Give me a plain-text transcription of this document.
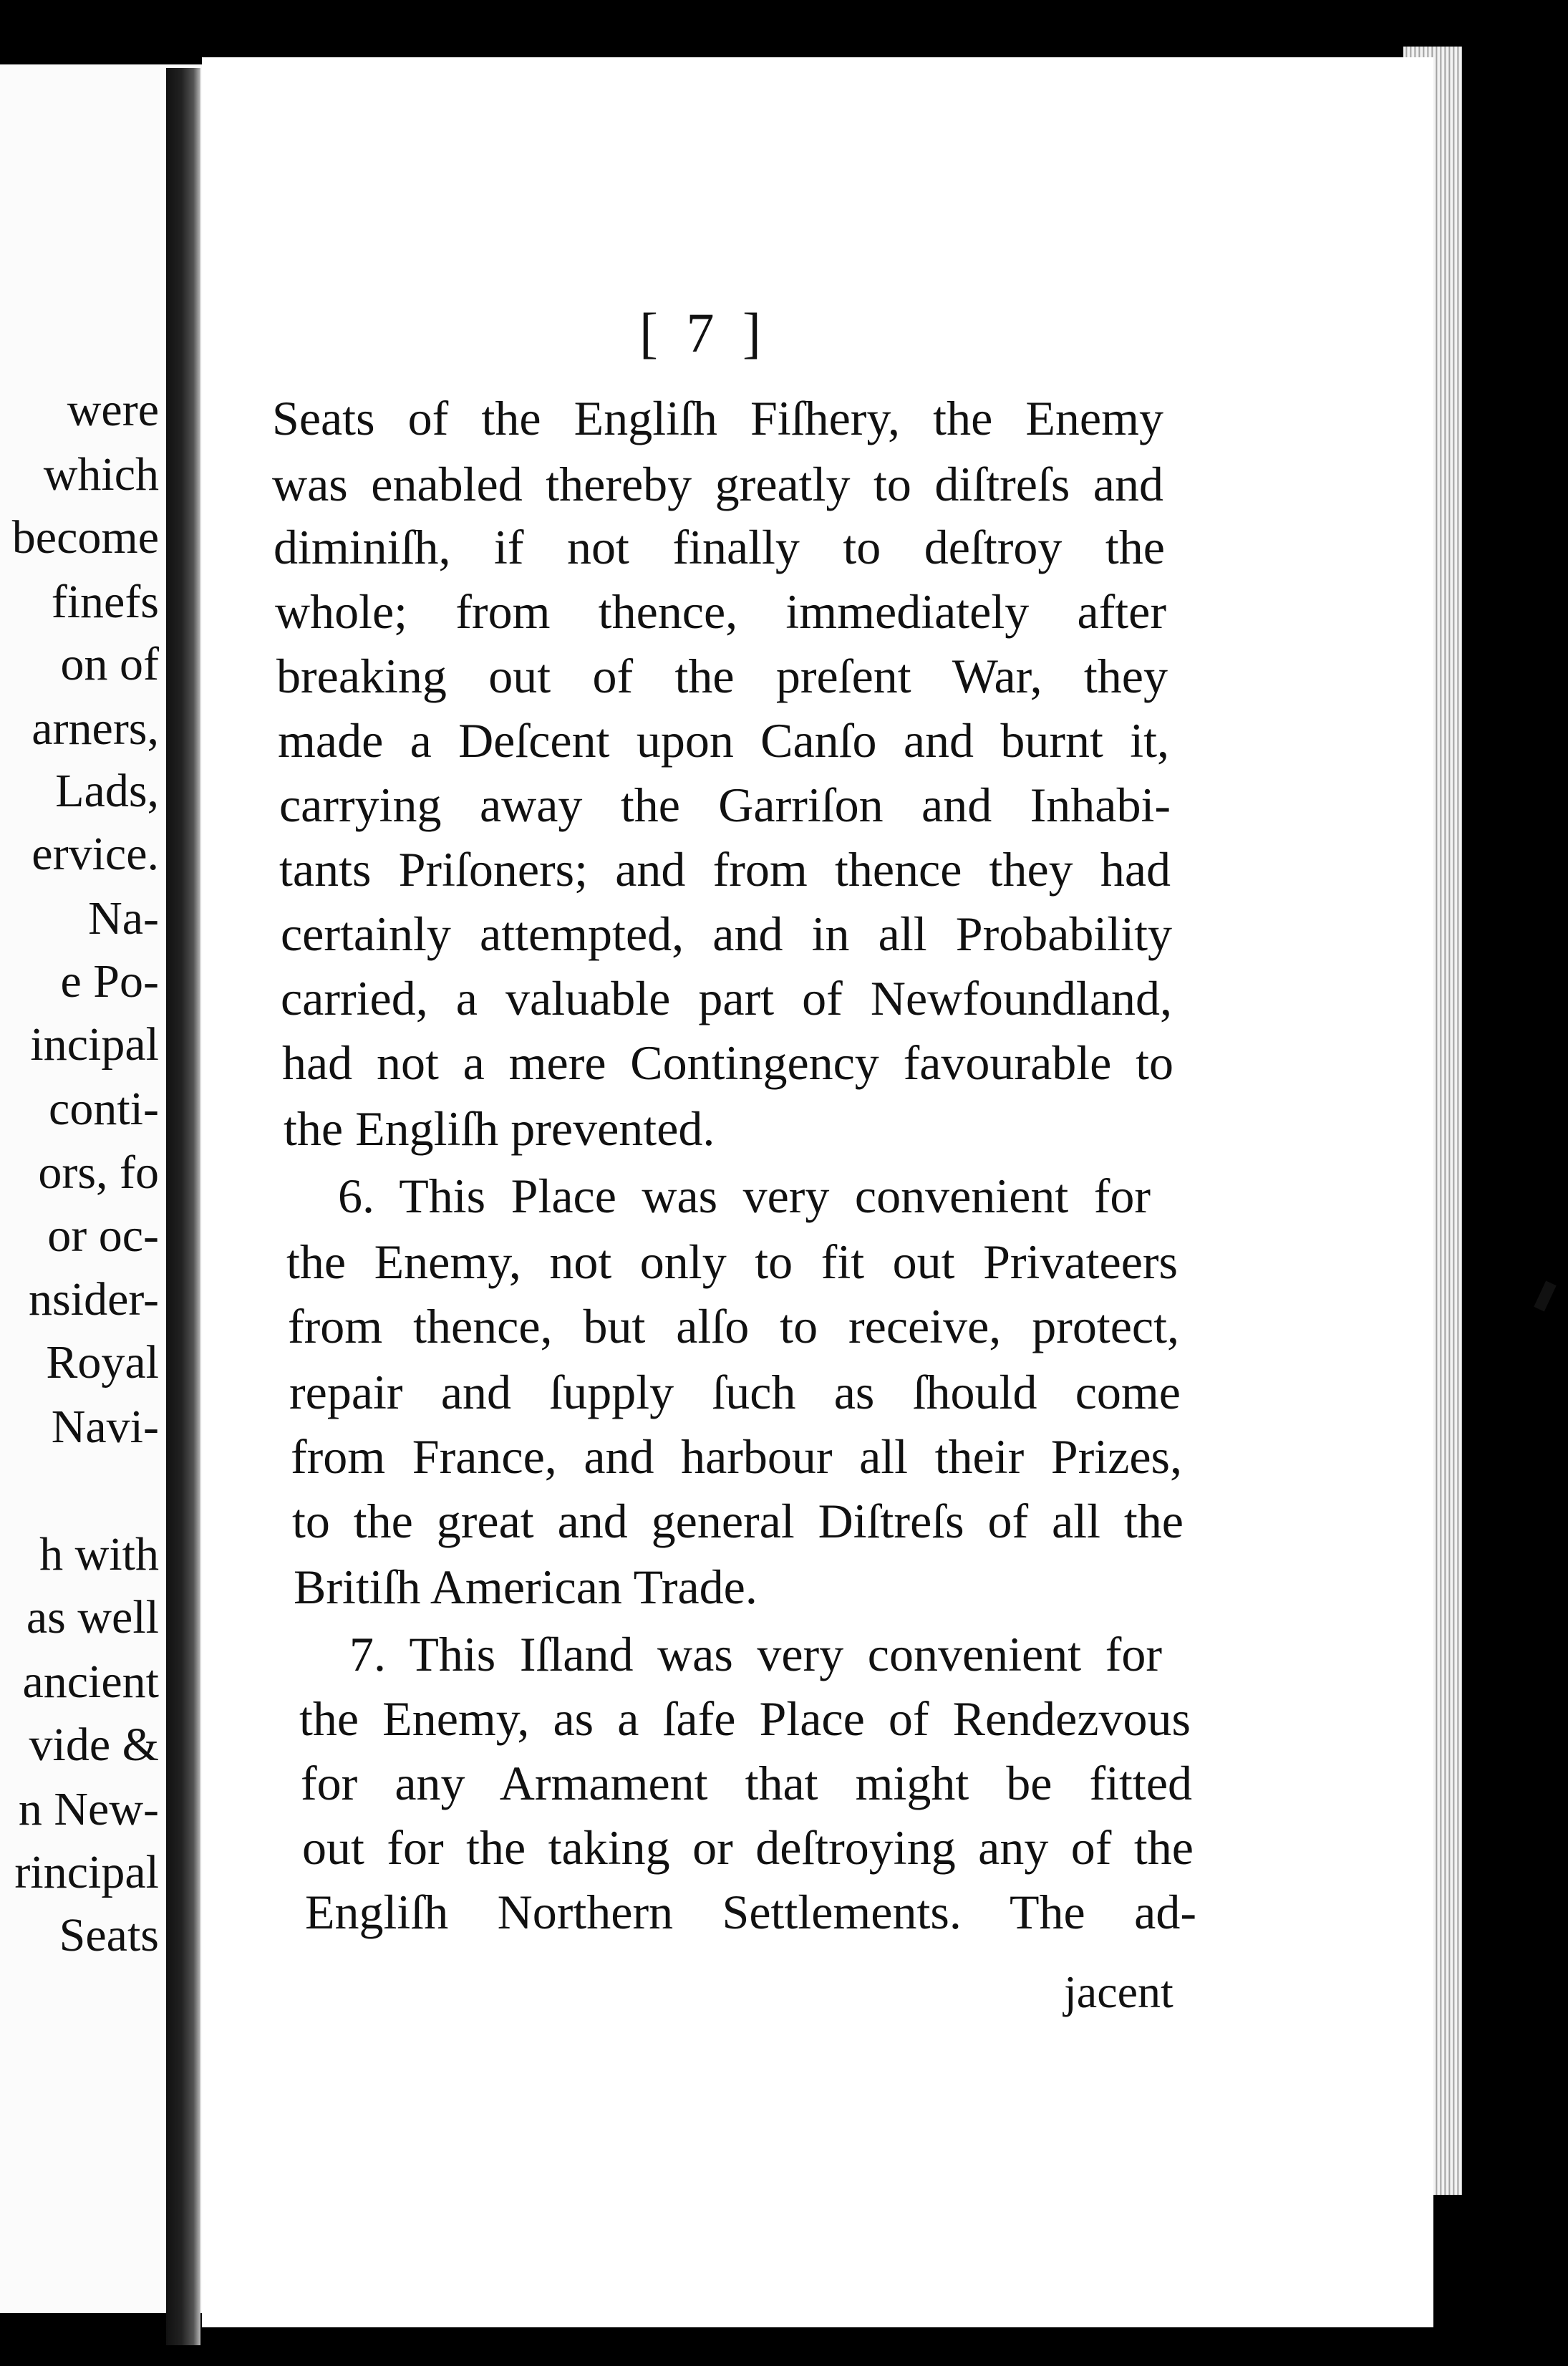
were
which
become
finefs
on of
arners,
Lads,
ervice.
Na-
e Po-
incipal
conti-
ors, fo
or oc-
nsider-
Royal
Navi-
h with
as well
ancient
vide &
n New-
rincipal
Seats
[ 7 ]
Seats of the Engliſh Fiſhery, the Enemy
was enabled thereby greatly to diſtreſs and
diminiſh, if not finally to deſtroy the
whole; from thence, immediately after
breaking out of the preſent War, they
made a Deſcent upon Canſo and burnt it,
carrying away the Garriſon and Inhabi-
tants Priſoners; and from thence they had
certainly attempted, and in all Probability
carried, a valuable part of Newfoundland,
had not a mere Contingency favourable to
the Engliſh prevented.
6. This Place was very convenient for
the Enemy, not only to fit out Privateers
from thence, but alſo to receive, protect,
repair and ſupply ſuch as ſhould come
from France, and harbour all their Prizes,
to the great and general Diſtreſs of all the
Britiſh American Trade.
7. This Iſland was very convenient for
the Enemy, as a ſafe Place of Rendezvous
for any Armament that might be fitted
out for the taking or deſtroying any of the
Engliſh Northern Settlements. The ad-
jacent
